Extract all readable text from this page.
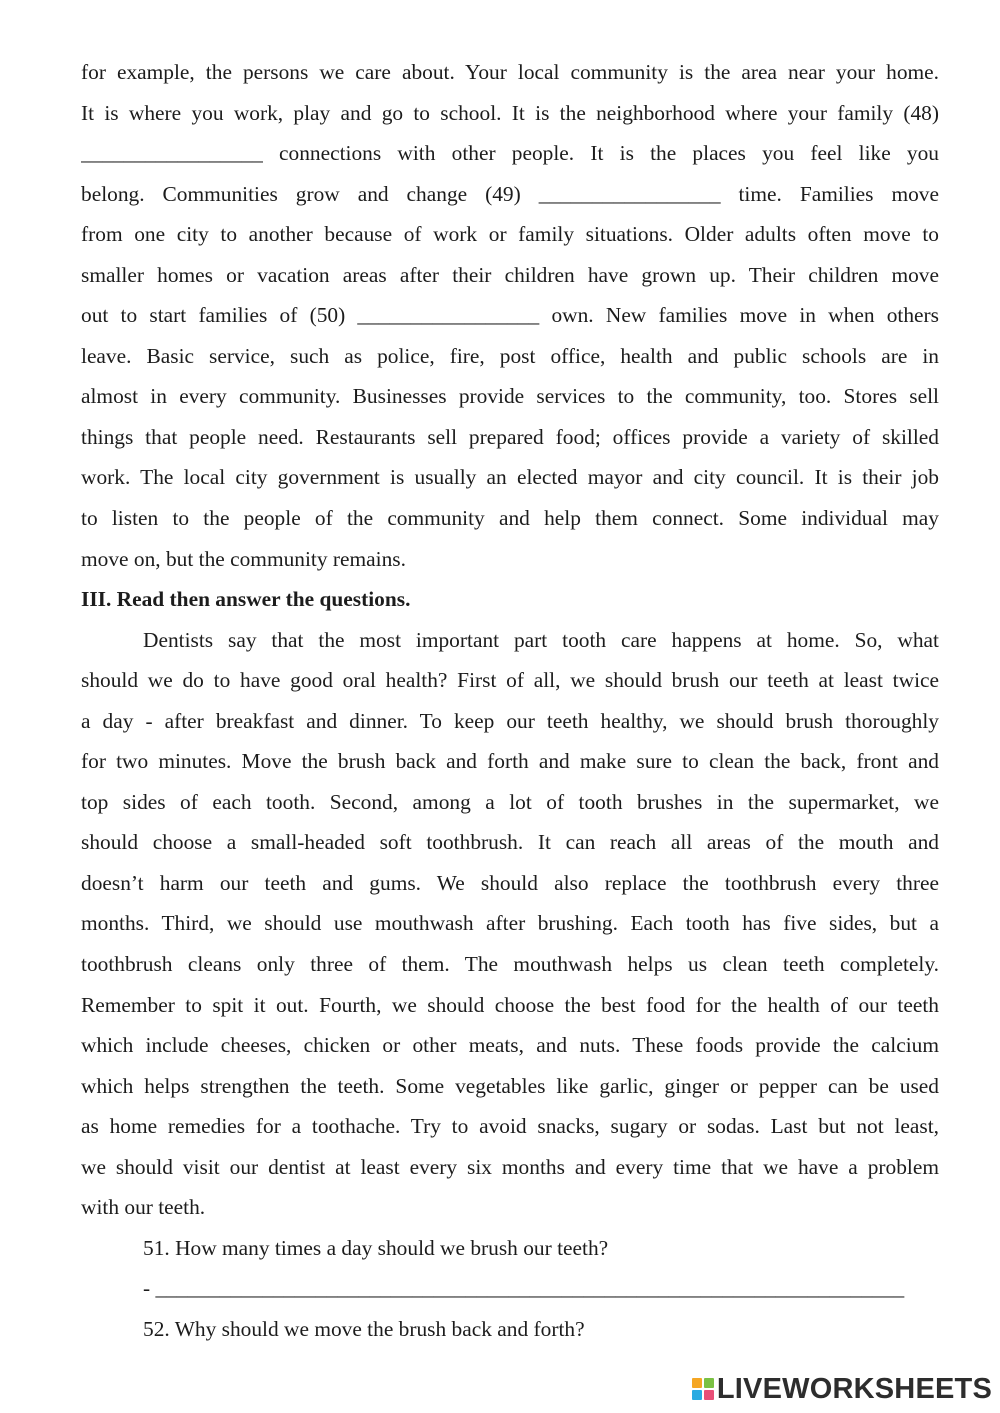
for example, the persons we care about. Your local community is the area near your home.
It is where you work, play and go to school. It is the neighborhood where your family (48)
_________________ connections with other people. It is the places you feel like you
belong. Communities grow and change (49) _________________ time. Families move
from one city to another because of work or family situations. Older adults often move to
smaller homes or vacation areas after their children have grown up. Their children move
out to start families of (50) _________________ own. New families move in when others
leave. Basic service, such as police, fire, post office, health and public schools are in
almost in every community. Businesses provide services to the community, too. Stores sell
things that people need. Restaurants sell prepared food; offices provide a variety of skilled
work. The local city government is usually an elected mayor and city council. It is their job
to listen to the people of the community and help them connect. Some individual may
move on, but the community remains.
III. Read then answer the questions.
Dentists say that the most important part tooth care happens at home. So, what
should we do to have good oral health? First of all, we should brush our teeth at least twice
a day - after breakfast and dinner. To keep our teeth healthy, we should brush thoroughly
for two minutes. Move the brush back and forth and make sure to clean the back, front and
top sides of each tooth. Second, among a lot of tooth brushes in the supermarket, we
should choose a small-headed soft toothbrush. It can reach all areas of the mouth and
doesn’t harm our teeth and gums. We should also replace the toothbrush every three
months. Third, we should use mouthwash after brushing. Each tooth has five sides, but a
toothbrush cleans only three of them. The mouthwash helps us clean teeth completely.
Remember to spit it out. Fourth, we should choose the best food for the health of our teeth
which include cheeses, chicken or other meats, and nuts. These foods provide the calcium
which helps strengthen the teeth. Some vegetables like garlic, ginger or pepper can be used
as home remedies for a toothache. Try to avoid snacks, sugary or sodas. Last but not least,
we should visit our dentist at least every six months and every time that we have a problem
with our teeth.
51. How many times a day should we brush our teeth?
- ______________________________________________________________________
52. Why should we move the brush back and forth?
LIVEWORKSHEETS
